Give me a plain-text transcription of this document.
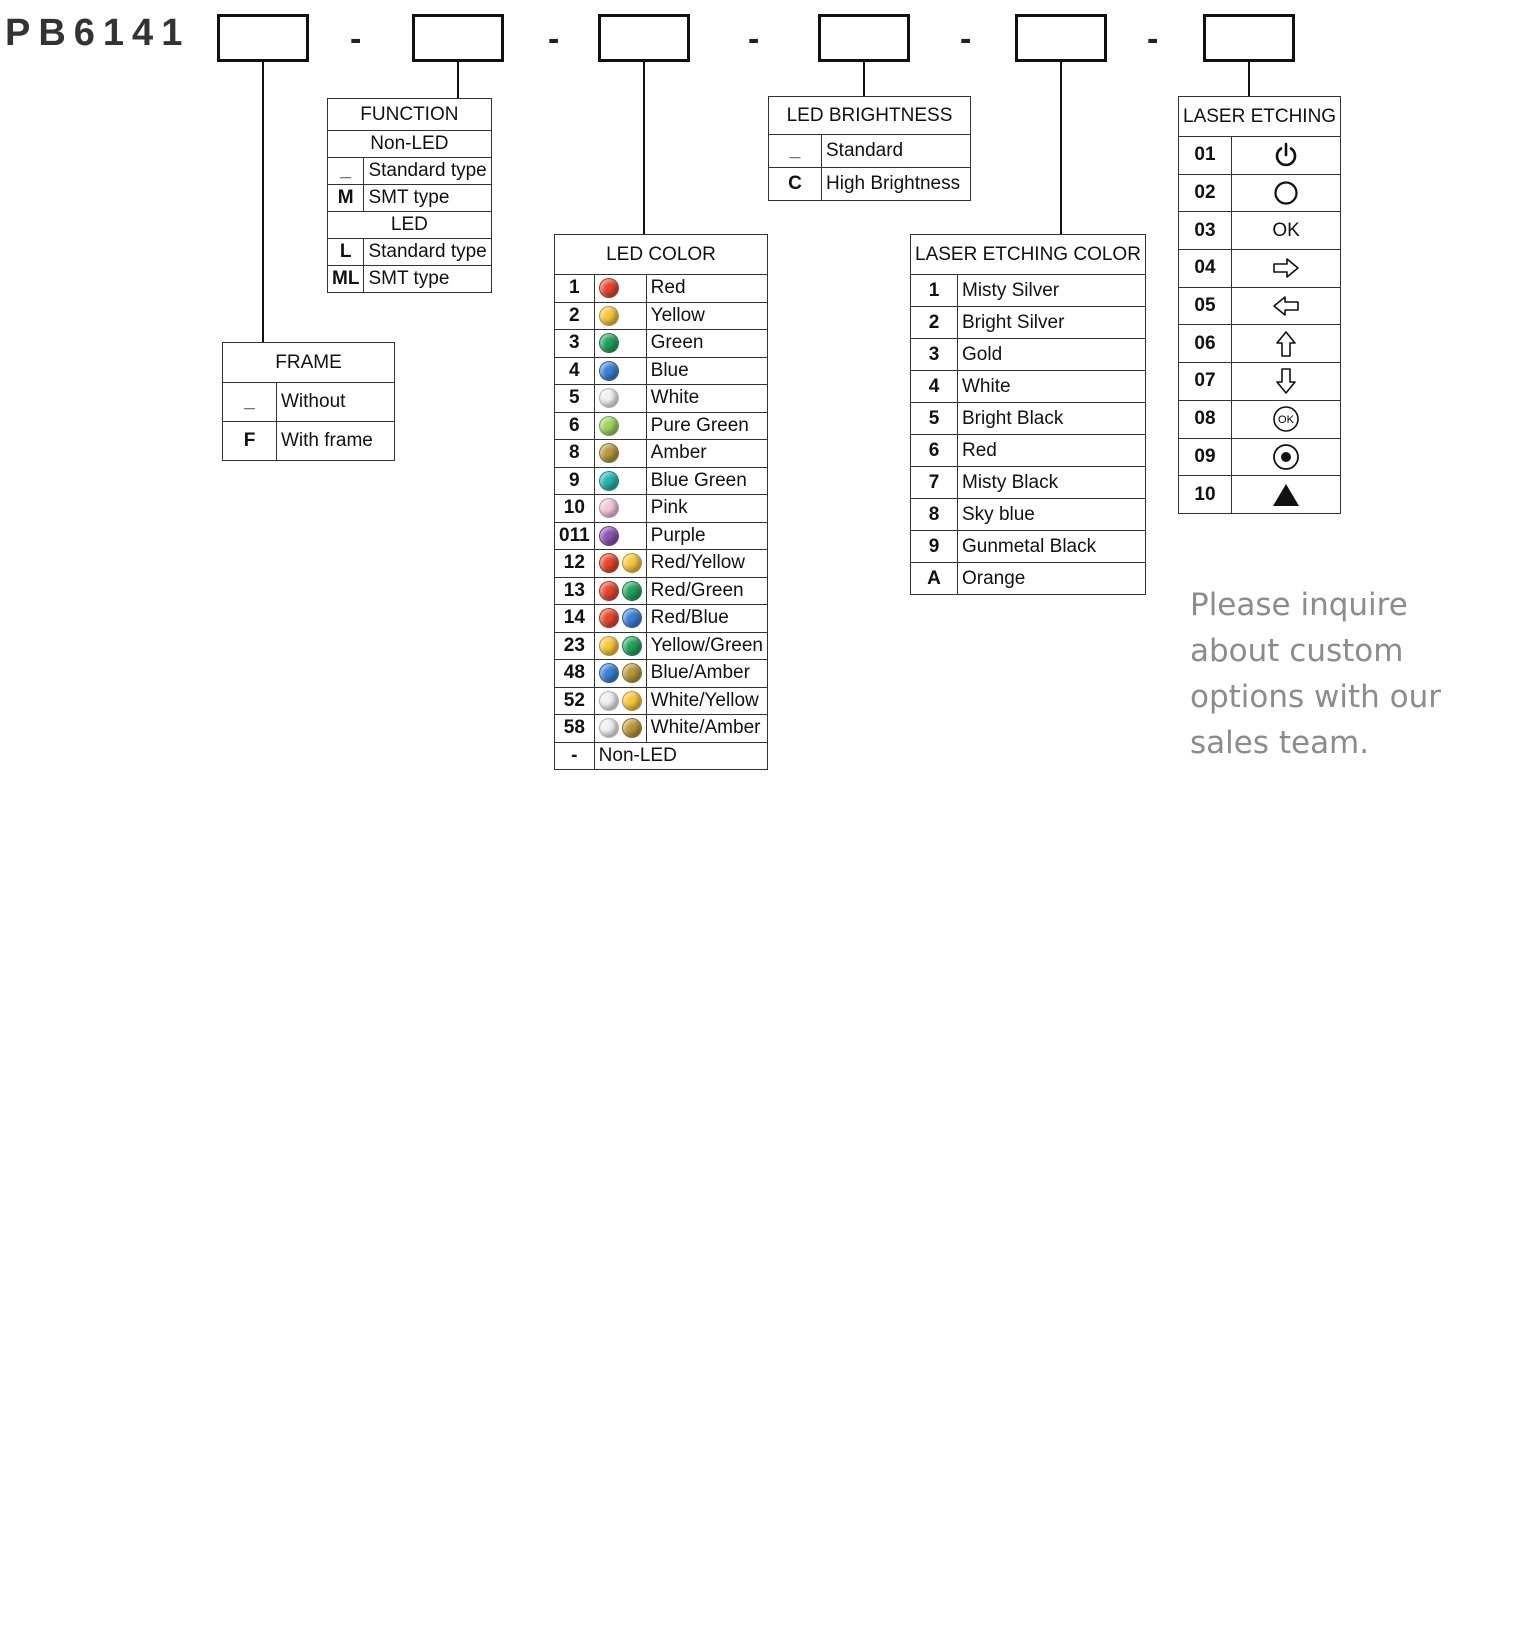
PB6141	-	-	-	-	-
FUNCTION	
Non-LED	
_	Standard type
M	SMT type
LED	
L	Standard type
ML	SMT type
FRAME	
_	Without
F	With frame
LED COLOR		
1		Red
2		Yellow
3		Green
4		Blue
5		White
6		Pure Green
8		Amber
9		Blue Green
10		Pink
011		Purple
12		Red/Yellow
13		Red/Green
14		Red/Blue
23		Yellow/Green
48		Blue/Amber
52		White/Yellow
58		White/Amber
-	Non-LED	
LED BRIGHTNESS	
_	Standard
C	High Brightness
LASER ETCHING COLOR	
1	Misty Silver
2	Bright Silver
3	Gold
4	White
5	Bright Black
6	Red
7	Misty Black
8	Sky blue
9	Gunmetal Black
A	Orange
LASER ETCHING	
01	
02	
03	OK
04	
05	
06	
07	
08	OK

09	
10	
Please inquire about custom options with our sales team.
